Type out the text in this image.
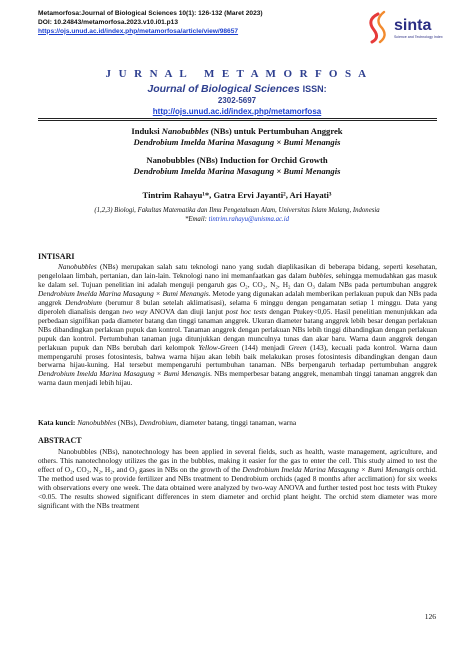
Metamorfosa:Journal of Biological Sciences 10(1): 126-132 (Maret 2023)
DOI: 10.24843/metamorfosa.2023.v10.i01.p13
https://ojs.unud.ac.id/index.php/metamorfosa/article/view/98657	sinta
Science and Technology Index
J U R N A L   M E T A M O R F O S A
Journal of Biological Sciences ISSN:
2302-5697
http://ojs.unud.ac.id/index.php/metamorfosa
Induksi Nanobubbles (NBs) untuk Pertumbuhan Anggrek
Dendrobium Imelda Marina Masagung × Bumi Menangis
Nanobubbles (NBs) Induction for Orchid Growth
Dendrobium Imelda Marina Masagung × Bumi Menangis
Tintrim Rahayu¹*, Gatra Ervi Jayanti², Ari Hayati³
(1,2,3) Biologi, Fakultas Matematika dan Ilmu Pengetahuan Alam, Universitas Islam Malang, Indonesia
*Email: tintrim.rahayu@unisma.ac.id
INTISARI
Nanobubbles (NBs) merupakan salah satu teknologi nano yang sudah diaplikasikan di beberapa bidang, seperti kesehatan, pengelolaan limbah, pertanian, dan lain-lain. Teknologi nano ini memanfaatkan gas dalam bubbles, sehingga memudahkan gas masuk ke dalam sel. Tujuan penelitian ini adalah menguji pengaruh gas O₂, CO₂, N₂, H₂ dan O₃ dalam NBs pada pertumbuhan anggrek Dendrobium Imelda Marina Masagung × Bumi Menangis. Metode yang digunakan adalah memberikan perlakuan pupuk dan NBs pada anggrek Dendrobium (berumur 8 bulan setelah aklimatisasi), selama 6 minggu dengan pengamatan setiap 1 minggu. Data yang diperoleh dianalisis dengan two way ANOVA dan diuji lanjut post hoc tests dengan Ptukey<0,05. Hasil penelitian menunjukkan ada perbedaan signifikan pada diameter batang dan tinggi tanaman anggrek. Ukuran diameter batang anggrek lebih besar dengan perlakuan NBs dibandingkan perlakuan pupuk dan kontrol. Tanaman anggrek dengan perlakuan NBs lebih tinggi dibandingkan dengan perlakuan pupuk dan kontrol. Pertumbuhan tanaman juga ditunjukkan dengan munculnya tunas dan akar baru. Warna daun anggrek dengan perlakuan pupuk dan NBs berubah dari kelompok Yellow-Green (144) menjadi Green (143), kecuali pada kontrol. Warna daun mempengaruhi proses fotosintesis, bahwa warna hijau akan lebih baik melakukan proses fotosintesis dibandingkan dengan daun berwarna hijau-kuning. Hal tersebut mempengaruhi pertumbuhan tanaman. NBs berpengaruh terhadap pertumbuhan anggrek Dendrobium Imelda Marina Masagung × Bumi Menangis. NBs memperbesar batang anggrek, menambah tinggi tanaman anggrek dan warna daun menjadi lebih hijau.
Kata kunci: Nanobubbles (NBs), Dendrobium, diameter batang, tinggi tanaman, warna
ABSTRACT
Nanobubbles (NBs), nanotechnology has been applied in several fields, such as health, waste management, agriculture, and others. This nanotechnology utilizes the gas in the bubbles, making it easier for the gas to enter the cell. This study aimed to test the effect of O₂, CO₂, N₂, H₂, and O₃ gases in NBs on the growth of the Dendrobium Imelda Marina Masagung × Bumi Menangis orchid. The method used was to provide fertilizer and NBs treatment to Dendrobium orchids (aged 8 months after acclimation) for six weeks with observations every one week. The data obtained were analyzed by two-way ANOVA and further tested post hoc tests with Ptukey <0.05. The results showed significant differences in stem diameter and orchid plant height. The orchid stem diameter was more significant with the NBs treatment
126
